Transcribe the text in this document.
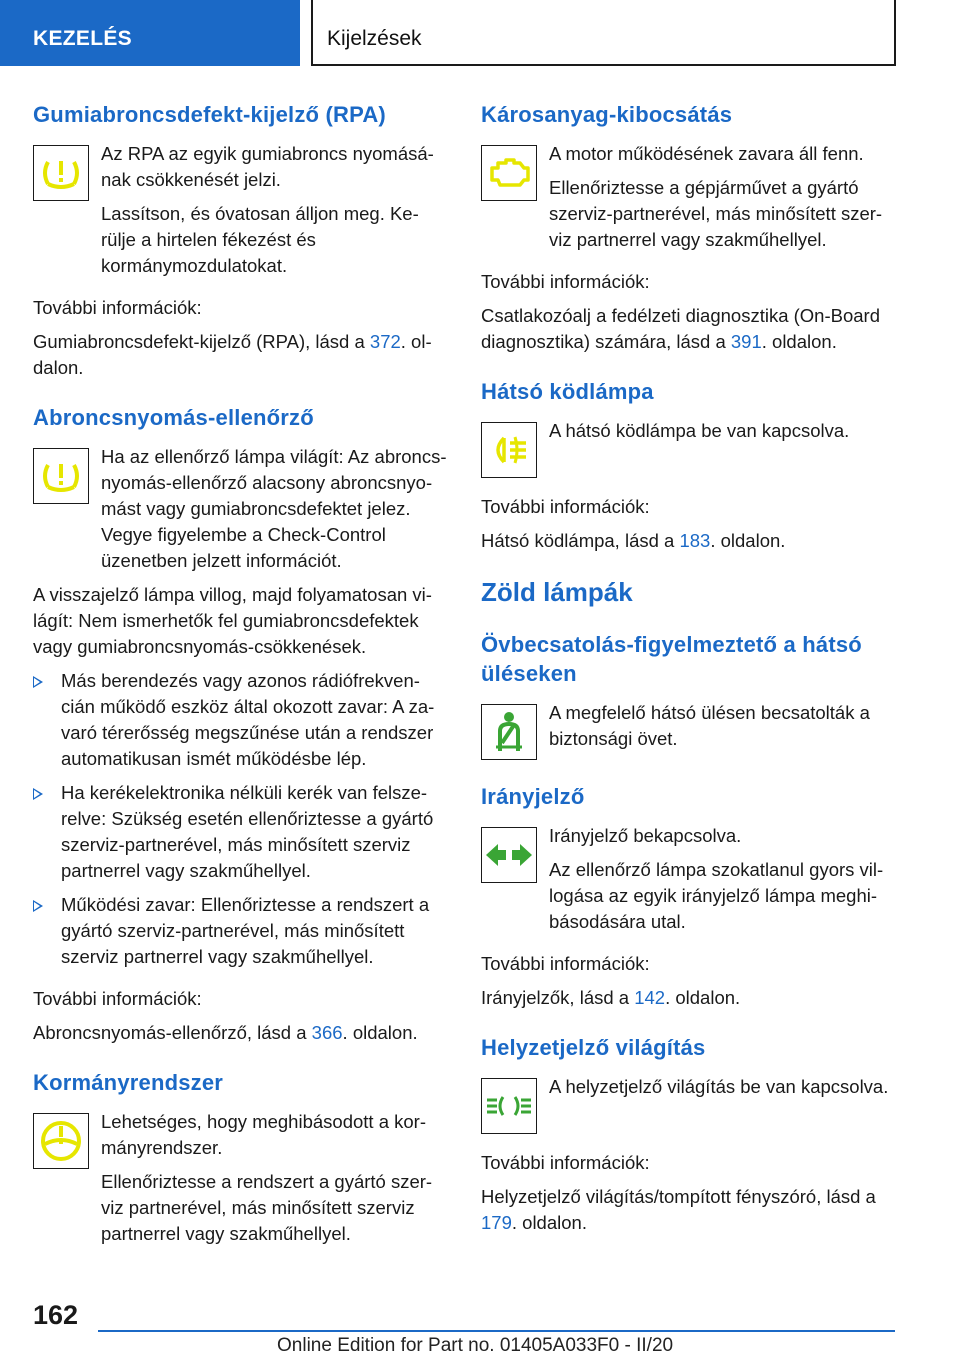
KEZELÉS	Kijelzések
Gumiabroncsdefekt-kijelző (RPA)

Az RPA az egyik gumiabroncs nyomásá-nak csökkenését jelzi.

Lassítson, és óvatosan álljon meg. Ke-rülje a hirtelen fékezést és kormánymozdulatokat.

További információk:

Gumiabroncsdefekt-kijelző (RPA), lásd a 372. ol-dalon.

Abroncsnyomás-ellenőrző

Ha az ellenőrző lámpa világít: Az abroncs-nyomás-ellenőrző alacsony abroncsnyo-mást vagy gumiabroncsdefektet jelez. Vegye figyelembe a Check-Control üzenetben jelzett információt.

A visszajelző lámpa villog, majd folyamatosan vi-lágít: Nem ismerhetők fel gumiabroncsdefektek vagy gumiabroncsnyomás-csökkenések.

Más berendezés vagy azonos rádiófrekven-cián működő eszköz által okozott zavar: A za-varó térerősség megszűnése után a rendszer automatikusan ismét működésbe lép.
Ha kerékelektronika nélküli kerék van felsze-relve: Szükség esetén ellenőriztesse a gyártó szerviz-partnerével, más minősített szerviz partnerrel vagy szakműhellyel.
Működési zavar: Ellenőriztesse a rendszert a gyártó szerviz-partnerével, más minősített szerviz partnerrel vagy szakműhellyel.

További információk:

Abroncsnyomás-ellenőrző, lásd a 366. oldalon.

Kormányrendszer

Lehetséges, hogy meghibásodott a kor-mányrendszer.

Ellenőriztesse a rendszert a gyártó szer-viz partnerével, más minősített szerviz partnerrel vagy szakműhellyel.

Károsanyag-kibocsátás

A motor működésének zavara áll fenn.

Ellenőriztesse a gépjárművet a gyártó szerviz-partnerével, más minősített szer-viz partnerrel vagy szakműhellyel.

További információk:

Csatlakozóalj a fedélzeti diagnosztika (On-Board diagnosztika) számára, lásd a 391. oldalon.

Hátsó ködlámpa

A hátsó ködlámpa be van kapcsolva.

További információk:

Hátsó ködlámpa, lásd a 183. oldalon.

Zöld lámpák
Övbecsatolás-figyelmeztető a hátsó üléseken

A megfelelő hátsó ülésen becsatolták a biztonsági övet.

Irányjelző

Irányjelző bekapcsolva.

Az ellenőrző lámpa szokatlanul gyors vil-logása az egyik irányjelző lámpa meghi-básodására utal.

További információk:

Irányjelzők, lásd a 142. oldalon.

Helyzetjelző világítás

A helyzetjelző világítás be van kapcsolva.

További információk:

Helyzetjelző világítás/tompított fényszóró, lásd a 179. oldalon.

162
Online Edition for Part no. 01405A033F0 - II/20
